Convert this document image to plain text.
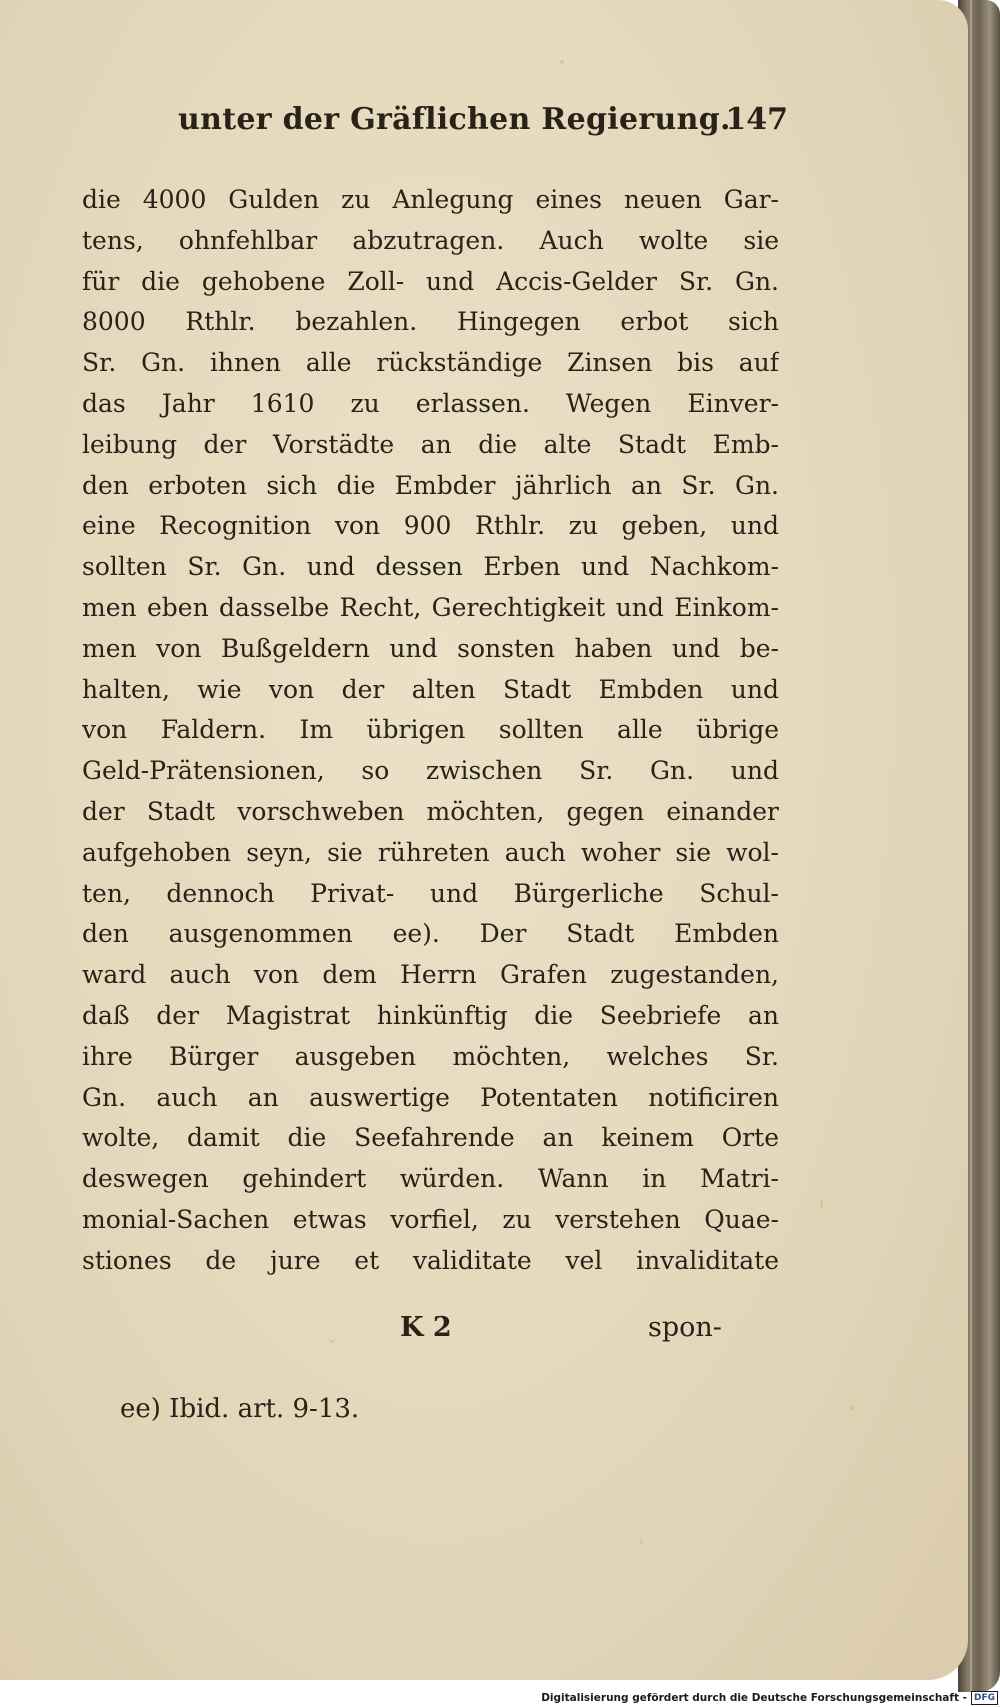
unter der Gräflichen Regierung.
147
die 4000 Gulden zu Anlegung eines neuen Gar-
tens, ohnfehlbar abzutragen. Auch wolte sie
für die gehobene Zoll- und Accis-Gelder Sr. Gn.
8000 Rthlr. bezahlen. Hingegen erbot sich
Sr. Gn. ihnen alle rückständige Zinsen bis auf
das Jahr 1610 zu erlassen. Wegen Einver-
leibung der Vorstädte an die alte Stadt Emb-
den erboten sich die Embder jährlich an Sr. Gn.
eine Recognition von 900 Rthlr. zu geben, und
sollten Sr. Gn. und dessen Erben und Nachkom-
men eben dasselbe Recht, Gerechtigkeit und Einkom-
men von Bußgeldern und sonsten haben und be-
halten, wie von der alten Stadt Embden und
von Faldern. Im übrigen sollten alle übrige
Geld-Prätensionen, so zwischen Sr. Gn. und
der Stadt vorschweben möchten, gegen einander
aufgehoben seyn, sie rühreten auch woher sie wol-
ten, dennoch Privat- und Bürgerliche Schul-
den ausgenommen ee). Der Stadt Embden
ward auch von dem Herrn Grafen zugestanden,
daß der Magistrat hinkünftig die Seebriefe an
ihre Bürger ausgeben möchten, welches Sr.
Gn. auch an auswertige Potentaten notificiren
wolte, damit die Seefahrende an keinem Orte
deswegen gehindert würden. Wann in Matri-
monial-Sachen etwas vorfiel, zu verstehen Quae-
stiones de jure et validitate vel invaliditate
K 2	spon-
ee) Ibid. art. 9-13.
Digitalisierung gefördert durch die Deutsche Forschungsgemeinschaft - DFG
